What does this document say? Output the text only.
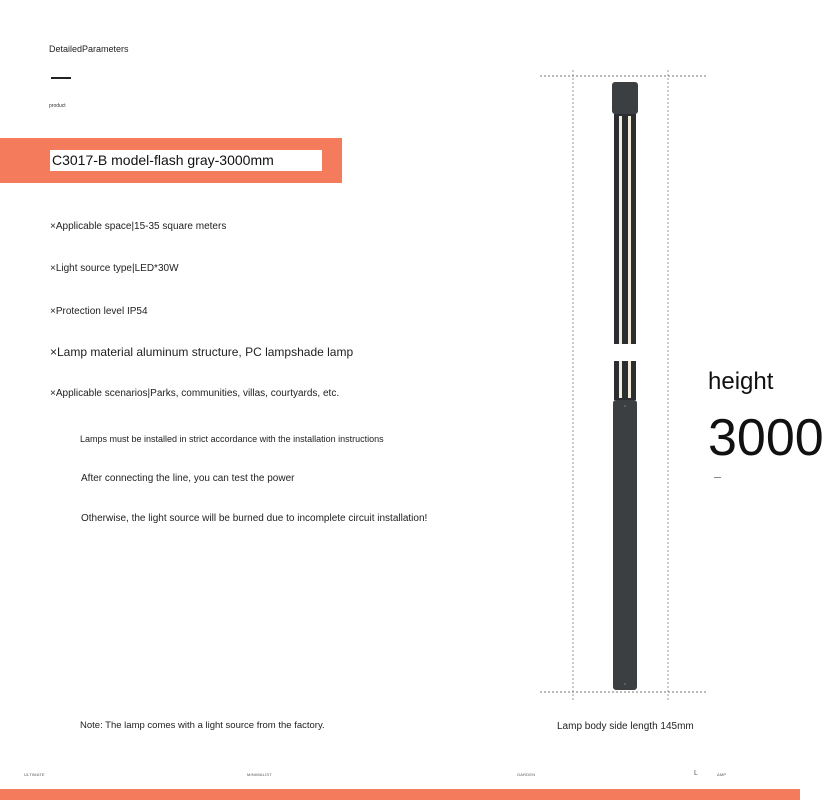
DetailedParameters
product
C3017-B model-flash gray-3000mm
×Applicable space|15-35 square meters
×Light source type|LED*30W
×Protection level IP54
×Lamp material aluminum structure, PC lampshade lamp
×Applicable scenarios|Parks, communities, villas, courtyards, etc.
Lamps must be installed in strict accordance with the installation instructions
After connecting the line, you can test the power
Otherwise, the light source will be burned due to incomplete circuit installation!
Note: The lamp comes with a light source from the factory.
height
3000
Lamp body side length 145mm
ULTIMATE	MINIMALIST	GARDEN	L	AMP
